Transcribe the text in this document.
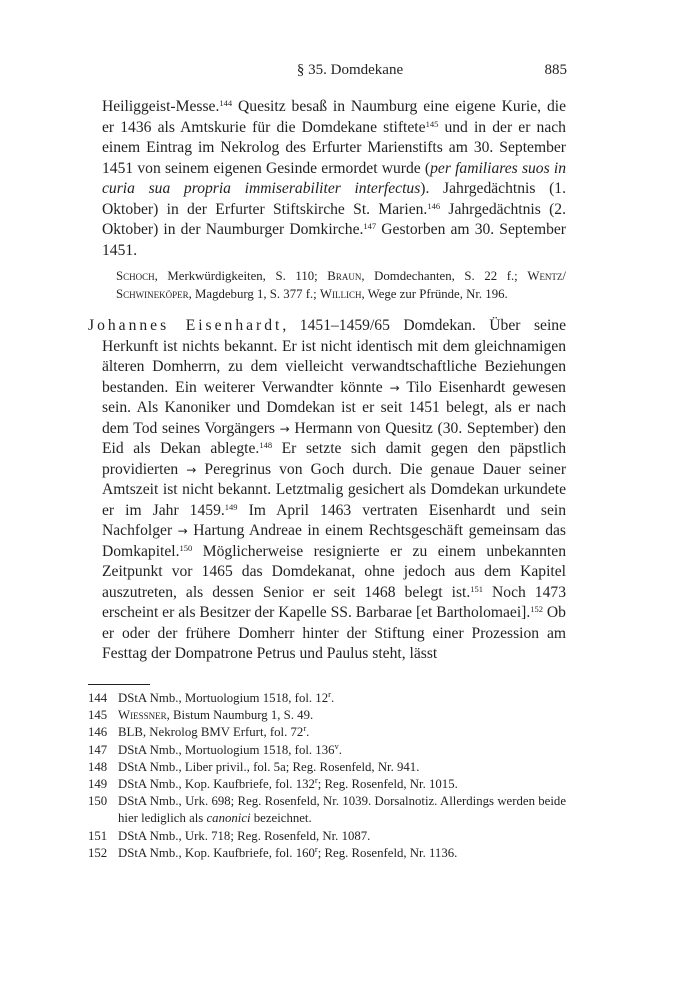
§ 35. Domdekane	885

Heiliggeist-Messe.$^{144}$ Quesitz besaß in Naumburg eine eigene Kurie, die er 1436 als Amtskurie für die Domdekane stiftete$^{145}$ und in der er nach einem Eintrag im Nekrolog des Erfurter Marienstifts am 30. September 1451 von seinem eigenen Gesinde ermordet wurde (per familiares suos in curia sua propria immiserabiliter interfectus). Jahrgedächtnis (1. Oktober) in der Erfurter Stiftskirche St. Marien.$^{146}$ Jahrgedächtnis (2. Oktober) in der Naumburger Domkirche.$^{147}$ Gestorben am 30. September 1451.

Schoch, Merkwürdigkeiten, S. 110; Braun, Domdechanten, S. 22 f.; Wentz/ Schwineköper, Magdeburg 1, S. 377 f.; Willich, Wege zur Pfründe, Nr. 196.

Johannes Eisenhardt, 1451–1459/65 Domdekan. Über seine Herkunft ist nichts bekannt. Er ist nicht identisch mit dem gleichnamigen älteren Domherrn, zu dem vielleicht verwandtschaftliche Beziehungen bestanden. Ein weiterer Verwandter könnte → Tilo Eisenhardt gewesen sein. Als Kanoniker und Domdekan ist er seit 1451 belegt, als er nach dem Tod seines Vorgängers → Hermann von Quesitz (30. September) den Eid als Dekan ablegte.$^{148}$ Er setzte sich damit gegen den päpstlich providierten → Peregrinus von Goch durch. Die genaue Dauer seiner Amtszeit ist nicht bekannt. Letztmalig gesichert als Domdekan urkundete er im Jahr 1459.$^{149}$ Im April 1463 vertraten Eisenhardt und sein Nachfolger → Hartung Andreae in einem Rechtsgeschäft gemeinsam das Domkapitel.$^{150}$ Möglicherweise resignierte er zu einem unbekannten Zeitpunkt vor 1465 das Domdekanat, ohne jedoch aus dem Kapitel auszutreten, als dessen Senior er seit 1468 belegt ist.$^{151}$ Noch 1473 erscheint er als Besitzer der Kapelle SS. Barbarae [et Bartholomaei].$^{152}$ Ob er oder der frühere Domherr hinter der Stiftung einer Prozession am Festtag der Dompatrone Petrus und Paulus steht, lässt

144 DStA Nmb., Mortuologium 1518, fol. 12$^r$.
145 Wiessner, Bistum Naumburg 1, S. 49.
146 BLB, Nekrolog BMV Erfurt, fol. 72$^r$.
147 DStA Nmb., Mortuologium 1518, fol. 136$^v$.
148 DStA Nmb., Liber privil., fol. 5a; Reg. Rosenfeld, Nr. 941.
149 DStA Nmb., Kop. Kaufbriefe, fol. 132$^r$; Reg. Rosenfeld, Nr. 1015.
150 DStA Nmb., Urk. 698; Reg. Rosenfeld, Nr. 1039. Dorsalnotiz. Allerdings werden beide hier lediglich als canonici bezeichnet.
151 DStA Nmb., Urk. 718; Reg. Rosenfeld, Nr. 1087.
152 DStA Nmb., Kop. Kaufbriefe, fol. 160$^r$; Reg. Rosenfeld, Nr. 1136.
